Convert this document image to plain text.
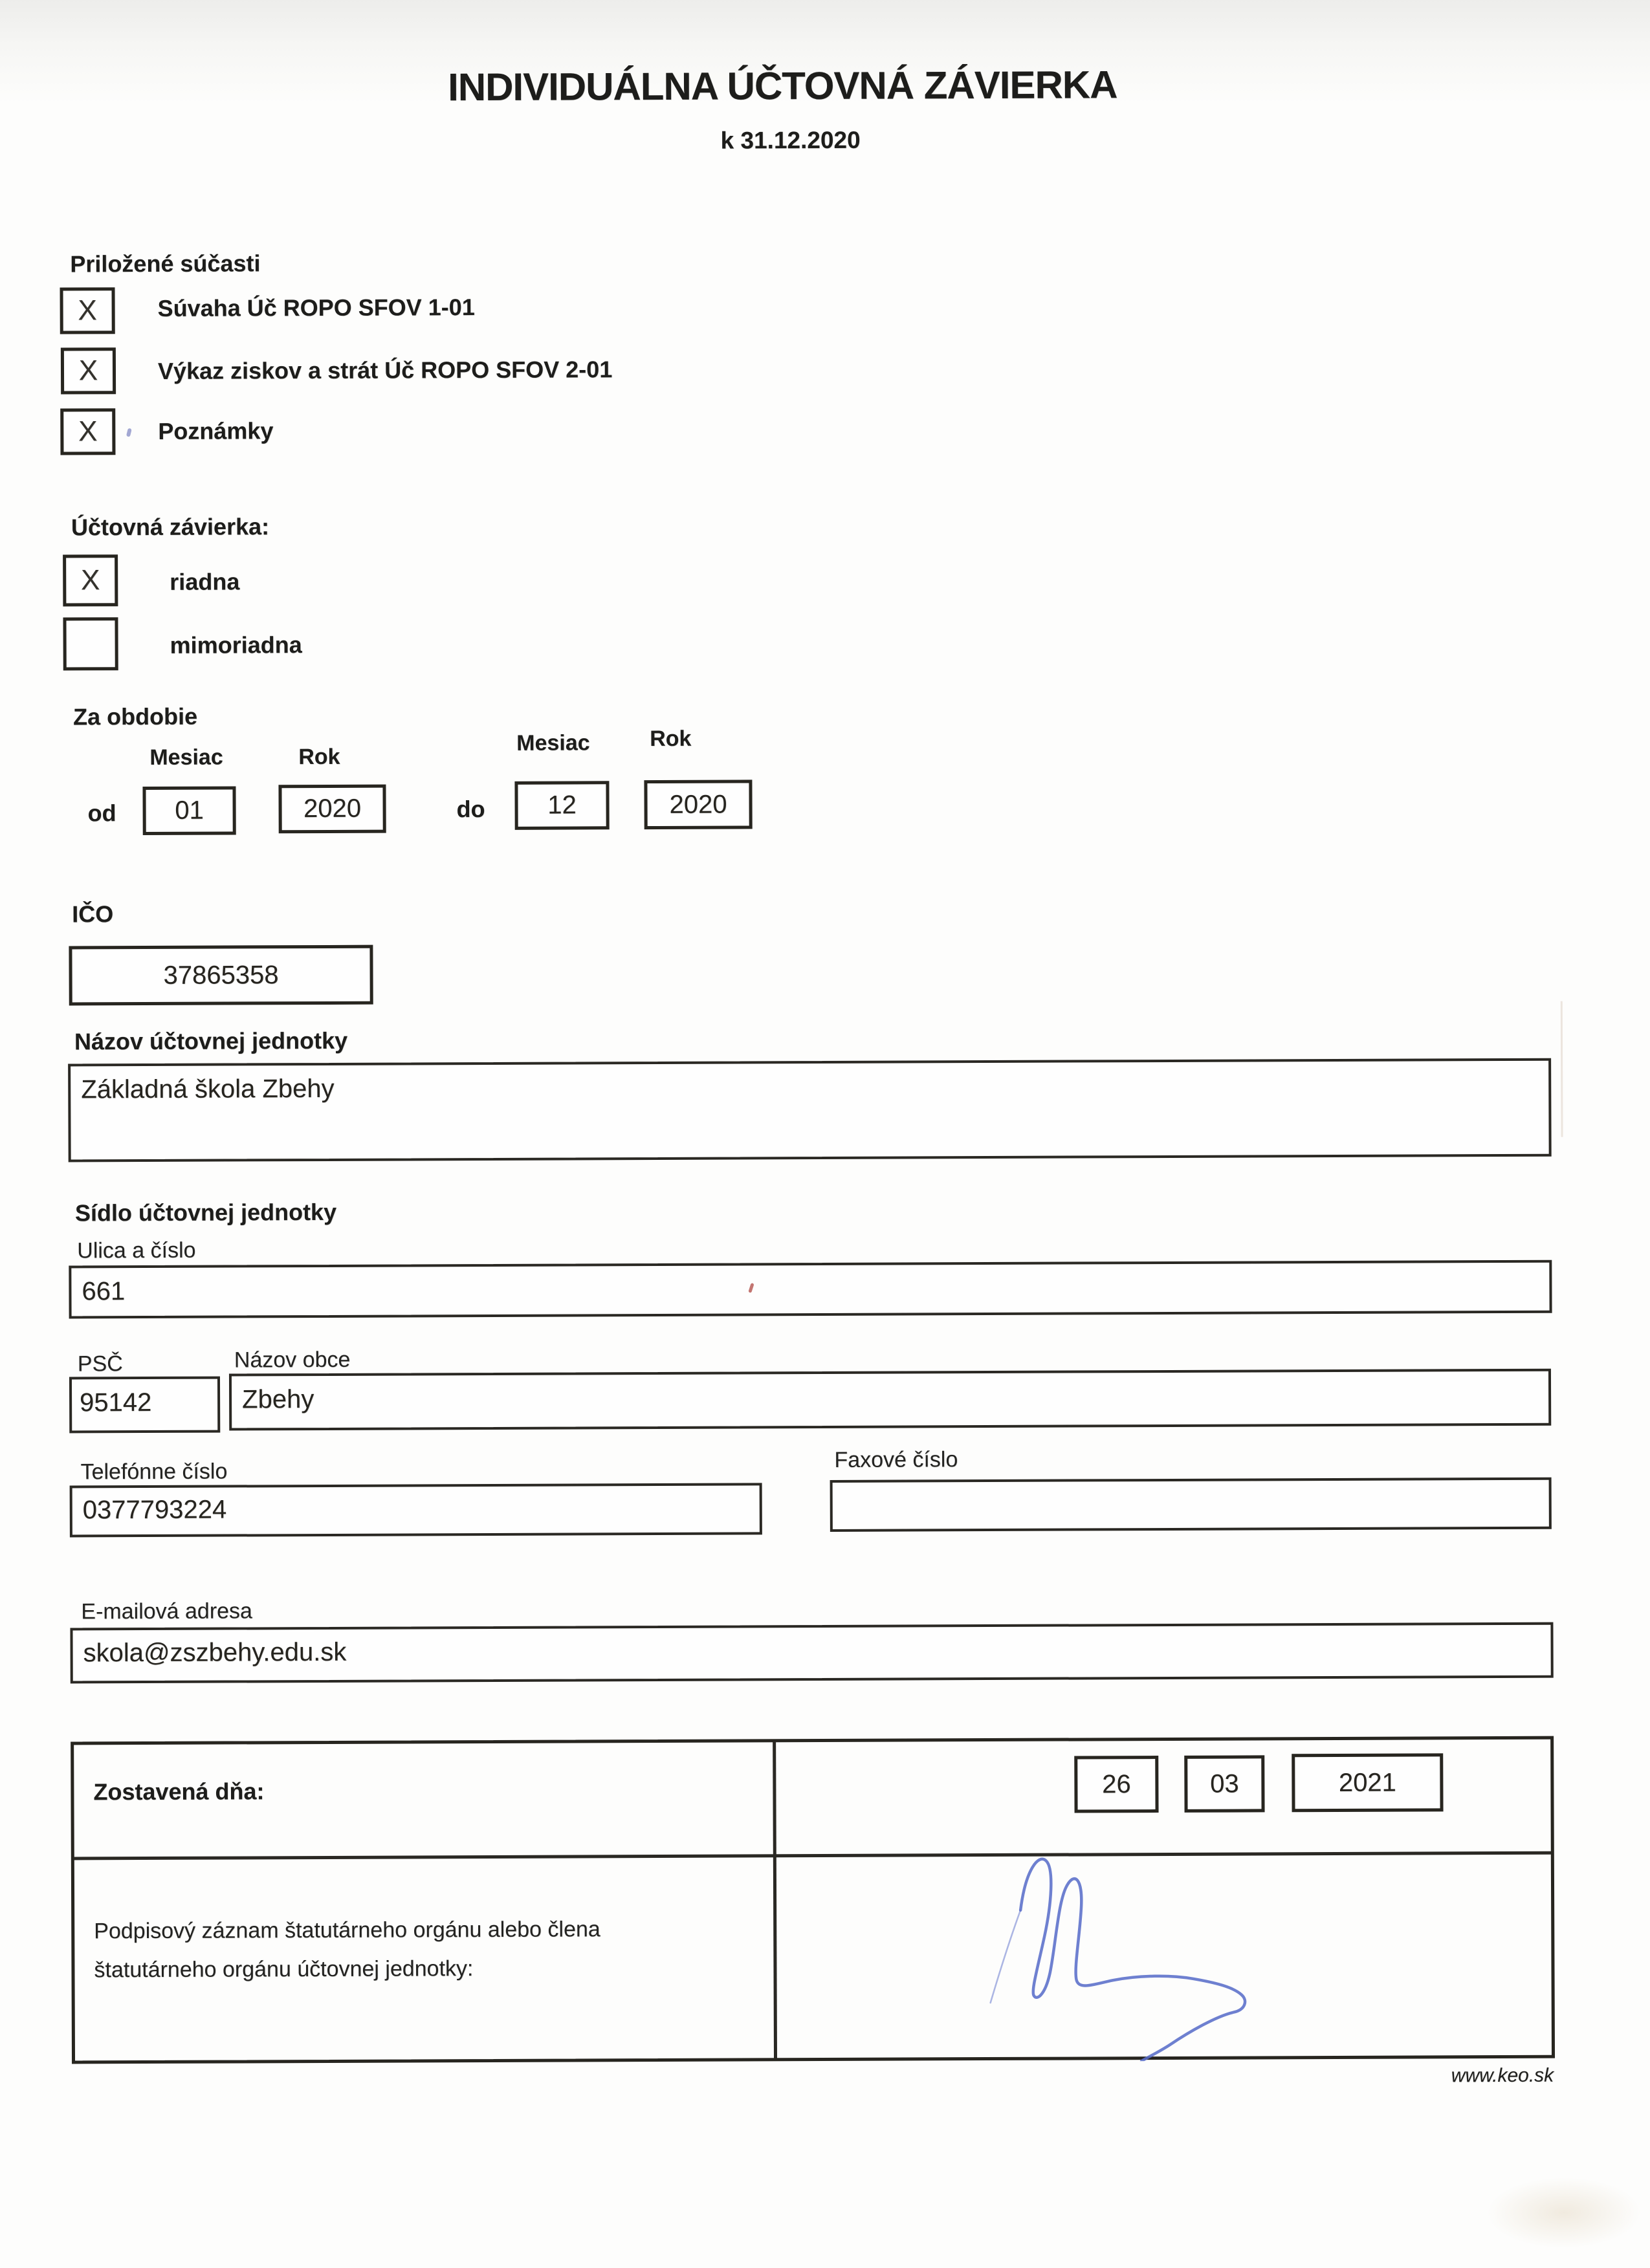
INDIVIDUÁLNA ÚČTOVNÁ ZÁVIERKA
k 31.12.2020
Priložené súčasti
X	Súvaha Úč ROPO SFOV 1-01
X	Výkaz ziskov a strát Úč ROPO SFOV 2-01
X	Poznámky
Účtovná závierka:
X	riadna
mimoriadna
Za obdobie
Mesiac	Rok
Mesiac	Rok
od	01	2020	do	12	2020
IČO
37865358
Názov účtovnej jednotky
Základná škola Zbehy
Sídlo účtovnej jednotky
Ulica a číslo
661
PSČ	Názov obce
95142	Zbehy
Telefónne číslo	Faxové číslo
0377793224
E-mailová adresa
skola@zszbehy.edu.sk
Zostavená dňa:	26	03	2021
Podpisový záznam štatutárneho orgánu alebo člena
štatutárneho orgánu účtovnej jednotky:
www.keo.sk
